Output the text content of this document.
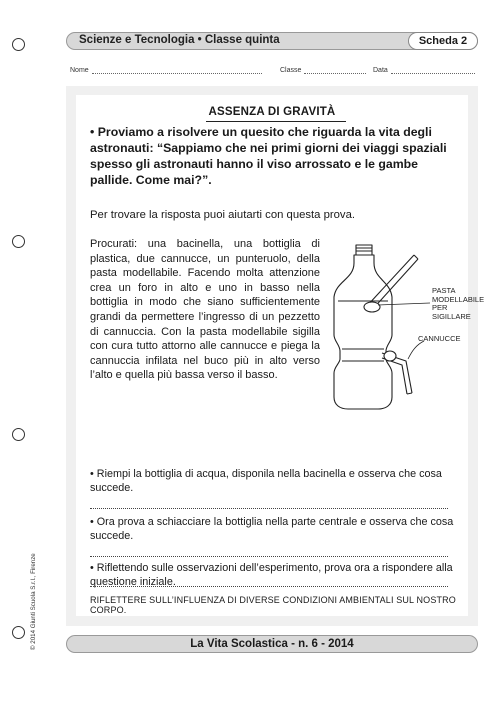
Scienze e Tecnologia • Classe quinta	Scheda 2
Nome	Classe	Data
ASSENZA DI GRAVITÀ
• Proviamo a risolvere un quesito che riguarda la vita degli astronauti: “Sappiamo che nei primi giorni dei viaggi spaziali spesso gli astronauti hanno il viso arrossato e le gambe pallide. Come mai?”.
Per trovare la risposta puoi aiutarti con questa prova.
Procurati: una bacinella, una bottiglia di plastica, due cannucce, un punteruolo, della pasta modellabile. Facendo molta attenzione crea un foro in alto e uno in basso nella bottiglia in modo che siano sufficientemente grandi da permettere l’ingresso di un pezzetto di cannuccia. Con la pasta modellabile sigilla con cura tutto attorno alle cannucce e piega la cannuccia infilata nel buco più in alto verso l’alto e quella più bassa verso il basso.
PASTA
MODELLABILE
PER
SIGILLARE
CANNUCCE
• Riempi la bottiglia di acqua, disponila nella bacinella e osserva che cosa succede.
• Ora prova a schiacciare la bottiglia nella parte centrale e osserva che cosa succede.
• Riflettendo sulle osservazioni dell’esperimento, prova ora a rispondere alla questione iniziale.
RIFLETTERE SULL’INFLUENZA DI DIVERSE CONDIZIONI AMBIENTALI SUL NOSTRO CORPO.
© 2014 Giunti Scuola S.r.l., Firenze	La Vita Scolastica - n. 6 - 2014
